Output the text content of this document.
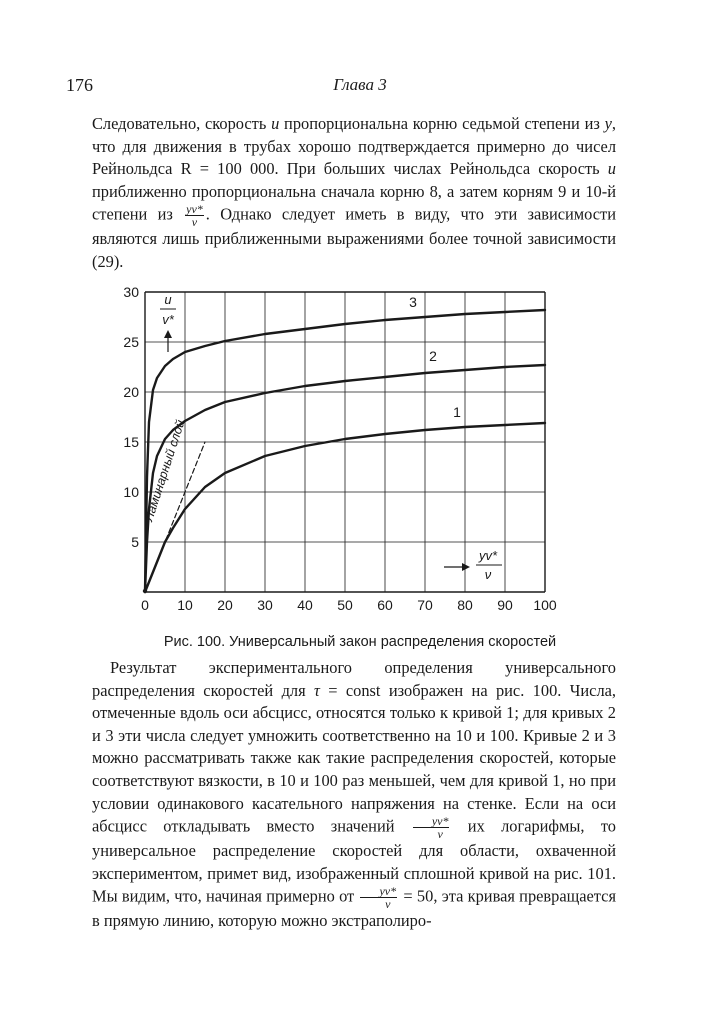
176	Глава 3

Следовательно, скорость u пропорциональна корню седьмой степени из y, что для движения в трубах хорошо подтверждается примерно до чисел Рейнольдса R = 100 000. При больших числах Рейнольдса скорость u приближенно пропорциональна сначала корню 8, а затем корням 9 и 10-й степени из $\frac{yv*}{\nu}$ . Однако следует иметь в виду, что эти зависимости являются лишь приближенными выражениями более точной зависимости (29).

0 10 20 30 40 50 60 70 80 90 100
5
10
15
20
25
30
1
2
3
u
v*
yv*
ν
Ламинарный слой
Рис. 100. Универсальный закон распределения скоростей

Результат экспериментального определения универсального распределения скоростей для τ = const изображен на рис. 100. Числа, отмеченные вдоль оси абсцисс, относятся только к кривой 1; для кривых 2 и 3 эти числа следует умножить соответственно на 10 и 100. Кривые 2 и 3 можно рассматривать также как такие распределения скоростей, которые соответствуют вязкости, в 10 и 100 раз меньшей, чем для кривой 1, но при условии одинакового касательного напряжения на стенке. Если на оси абсцисс откладывать вместо значений $\frac{yv*}{\nu}$ их логарифмы, то универсальное распределение скоростей для области, охваченной экспериментом, примет вид, изображенный сплошной кривой на рис. 101. Мы видим, что, начиная примерно от $\frac{yv*}{\nu} = 50$, эта кривая превращается в прямую линию, которую можно экстраполиро-
